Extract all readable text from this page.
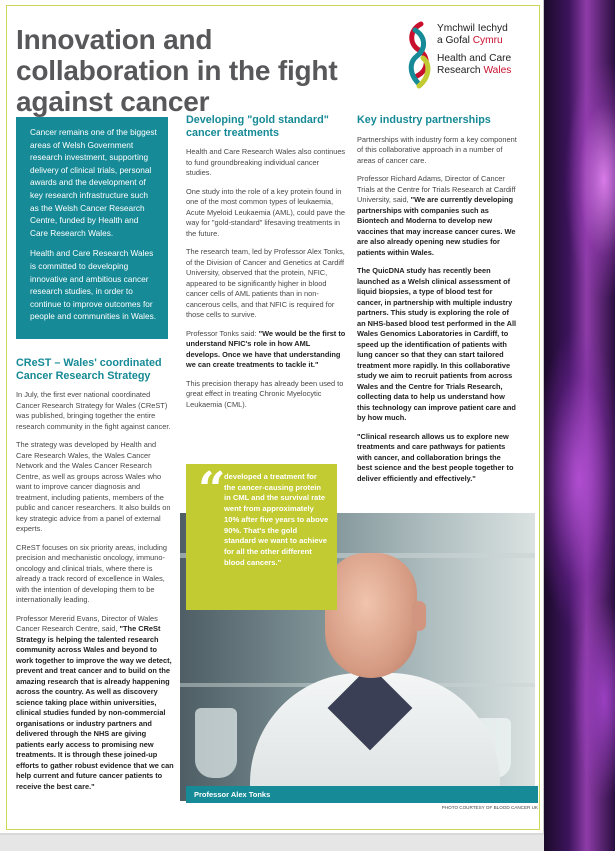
Innovation and collaboration in the fight against cancer
Ymchwil Iechyd
a Gofal Cymru
Health and Care
Research Wales

Cancer remains one of the biggest areas of Welsh Government research investment, supporting delivery of clinical trials, personal awards and the development of key research infrastructure such as the Welsh Cancer Research Centre, funded by Health and Care Research Wales.

Health and Care Research Wales is committed to developing innovative and ambitious cancer research studies, in order to continue to improve outcomes for people and communities in Wales.

CReST – Wales' coordinated Cancer Research Strategy

In July, the first ever national coordinated Cancer Research Strategy for Wales (CReST) was published, bringing together the entire research community in the fight against cancer.

The strategy was developed by Health and Care Research Wales, the Wales Cancer Network and the Wales Cancer Research Centre, as well as groups across Wales who want to improve cancer diagnosis and treatment, including patients, members of the public and cancer researchers. It also builds on key strategic advice from a panel of external experts.

CReST focuses on six priority areas, including precision and mechanistic oncology, immuno-oncology and clinical trials, where there is already a track record of excellence in Wales, with the intention of developing them to be internationally leading.

Professor Mererid Evans, Director of Wales Cancer Research Centre, said, "The CReSt Strategy is helping the talented research community across Wales and beyond to work together to improve the way we detect, prevent and treat cancer and to build on the amazing research that is already happening across the country. As well as discovery science taking place within universities, clinical studies funded by non-commercial organisations or industry partners and delivered through the NHS are giving patients early access to promising new treatments. It is through these joined-up efforts to gather robust evidence that we can help current and future cancer patients to receive the best care."

Developing "gold standard" cancer treatments

Health and Care Research Wales also continues to fund groundbreaking individual cancer studies.

One study into the role of a key protein found in one of the most common types of leukaemia, Acute Myeloid Leukaemia (AML), could pave the way for "gold-standard" lifesaving treatments in the future.

The research team, led by Professor Alex Tonks, of the Division of Cancer and Genetics at Cardiff University, observed that the protein, NFIC, appeared to be significantly higher in blood cancer cells of AML patients than in non-cancerous cells, and that NFIC is required for those cells to survive.

Professor Tonks said: "We would be the first to understand NFIC's role in how AML develops. Once we have that understanding we can create treatments to tackle it."

This precision therapy has already been used to great effect in treating Chronic Myelocytic Leukaemia (CML).

Key industry partnerships

Partnerships with industry form a key component of this collaborative approach in a number of areas of cancer care.

Professor Richard Adams, Director of Cancer Trials at the Centre for Trials Research at Cardiff University, said, "We are currently developing partnerships with companies such as Biontech and Moderna to develop new vaccines that may increase cancer cures. We are also already opening new studies for patients within Wales.

The QuicDNA study has recently been launched as a Welsh clinical assessment of liquid biopsies, a type of blood test for cancer, in partnership with multiple industry partners. This study is exploring the role of an NHS-based blood test performed in the All Wales Genomics Laboratories in Cardiff, to speed up the identification of patients with lung cancer so that they can start tailored treatment more rapidly. In this collaborative study we aim to recruit patients from across Wales and the Centre for Trials Research, collecting data to help us understand how this technology can improve patient care and by how much.

"Clinical research allows us to explore new treatments and care pathways for patients with cancer, and collaboration brings the best science and the best people together to deliver efficiently and effectively."

“
developed a treatment for the cancer-causing protein in CML and the survival rate went from approximately 10% after five years to above 90%. That's the gold standard we want to achieve for all the other different blood cancers."
Professor Alex Tonks
PHOTO COURTESY OF BLOOD CANCER UK
